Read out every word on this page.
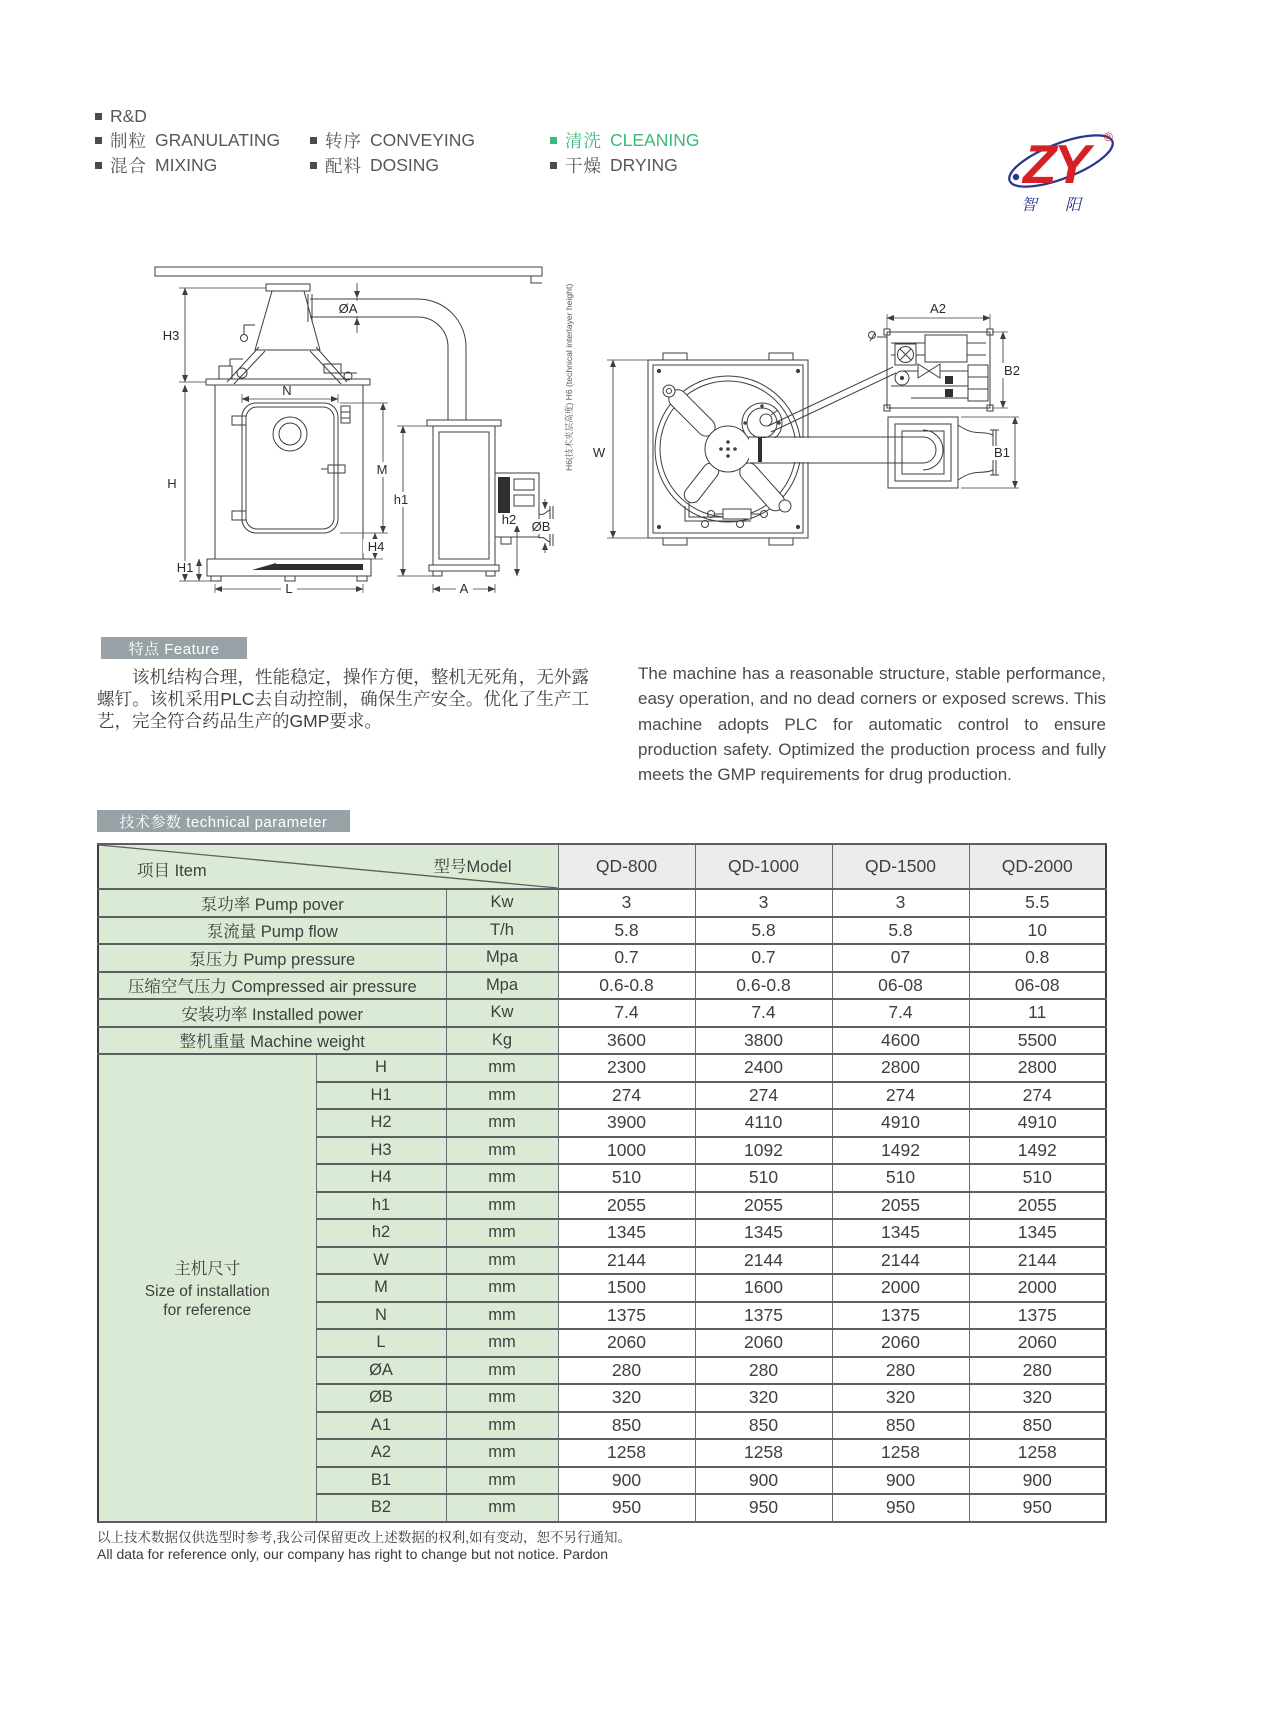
R&D
制粒 GRANULATING
混合 MIXING
转序 CONVEYING
配料 DOSING
清洗 CLEANING
干燥 DRYING	ZY	®
智阳
H3
H
H1
N
M
h1
H4
L	A
ØA
ØB
h2
W
A2
B2
B1
H6(技术夹层高度) H6 (technical interlayer height)
特点 Feature
该机结构合理，性能稳定，操作方便，整机无死角，无外露螺钉。该机采用PLC去自动控制，确保生产安全。优化了生产工艺，完全符合药品生产的GMP要求。
The machine has a reasonable structure, stable performance, easy operation, and no dead corners or exposed screws. This machine adopts PLC for automatic control to ensure production safety. Optimized the production process and fully meets the GMP requirements for drug production.
技术参数 technical parameter
项目 Item 型号Model			QD-800	QD-1000	QD-1500	QD-2000
泵功率 Pump pover		Kw	3	3	3	5.5
泵流量 Pump flow		T/h	5.8	5.8	5.8	10
泵压力 Pump pressure		Mpa	0.7	0.7	07	0.8
压缩空气压力 Compressed air pressure		Mpa	0.6-0.8	0.6-0.8	06-08	06-08
安装功率 Installed power		Kw	7.4	7.4	7.4	11
整机重量 Machine weight		Kg	3600	3800	4600	5500

主机尺寸
Size of installation
for reference	H	mm	2300	2400	2800	2800
	H1	mm	274	274	274	274
	H2	mm	3900	4110	4910	4910
	H3	mm	1000	1092	1492	1492
	H4	mm	510	510	510	510
	h1	mm	2055	2055	2055	2055
	h2	mm	1345	1345	1345	1345
	W	mm	2144	2144	2144	2144
	M	mm	1500	1600	2000	2000
	N	mm	1375	1375	1375	1375
	L	mm	2060	2060	2060	2060
	ØA	mm	280	280	280	280
	ØB	mm	320	320	320	320
	A1	mm	850	850	850	850
	A2	mm	1258	1258	1258	1258
	B1	mm	900	900	900	900
	B2	mm	950	950	950	950
以上技术数据仅供选型时参考,我公司保留更改上述数据的权利,如有变动，恕不另行通知。
All data for reference only, our company has right to change but not notice. Pardon
